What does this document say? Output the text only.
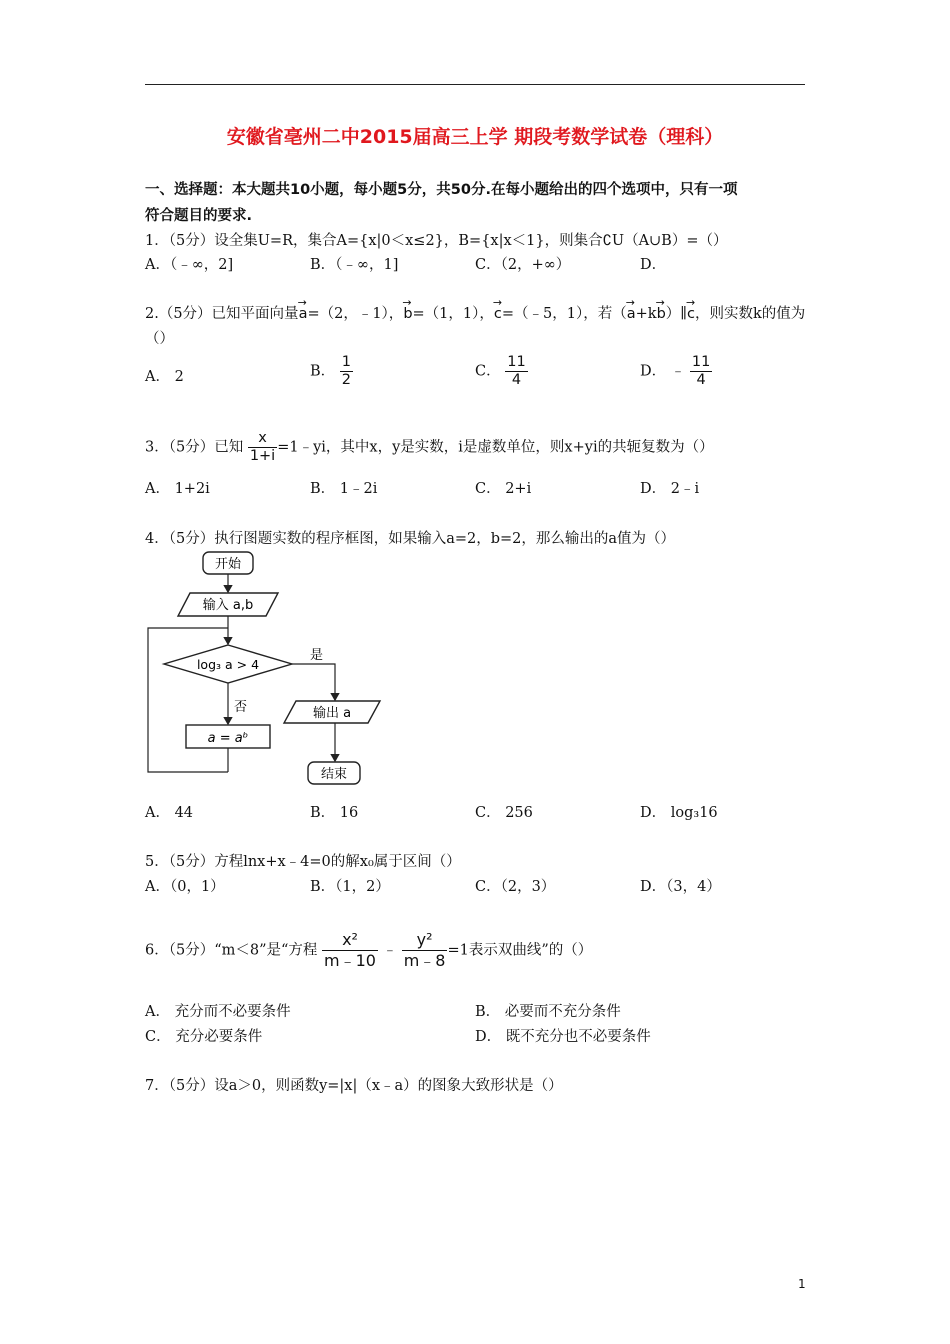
安徽省亳州二中2015届高三上学 期段考数学试卷（理科）
一、选择题：本大题共10小题，每小题5分，共50分.在每小题给出的四个选项中，只有一项
符合题目的要求.
1．（5分）设全集U=R，集合A={x|0＜x≤2}，B={x|x＜1}，则集合∁U（A∪B）=（）
A．（﹣∞，2]	B．（﹣∞，1]	C．（2，+∞）	D．
2.（5分）已知平面向量→ a=（2，﹣1），→ b=（1，1），→ c=（﹣5，1），若（→ a+k→ b）∥→ c，则实数k的值为
（）
A． 2	B． $\frac{1}{2}$	C． $\frac{11}{4}$	D． ﹣ $\frac{11}{4}$
3．（5分）已知 $\frac{x}{1+i}$ =1﹣yi，其中x，y是实数，i是虚数单位，则x+yi的共轭复数为（）
A． 1+2i	B． 1﹣2i	C． 2+i	D． 2﹣i
4．（5分）执行图题实数的程序框图，如果输入a=2，b=2，那么输出的a值为（）
开始
输入 a,b
log₃ a > 4
是
否
a = aᵇ
输出 a
结束
A． 44	B． 16	C． 256	D． log₃16
5．（5分）方程lnx+x﹣4=0的解x₀属于区间（）
A．（0，1）	B．（1，2）	C．（2，3）	D．（3，4）
6．（5分）“m＜8”是“方程 $\frac{\text{x²}}{m﹣10}$ ﹣ $\frac{\text{y²}}{m﹣8} =1$表示双曲线”的（）
A． 充分而不必要条件	B． 必要而不充分条件
C． 充分必要条件	D． 既不充分也不必要条件
7．（5分）设a＞0，则函数y=|x|（x﹣a）的图象大致形状是（）
1
